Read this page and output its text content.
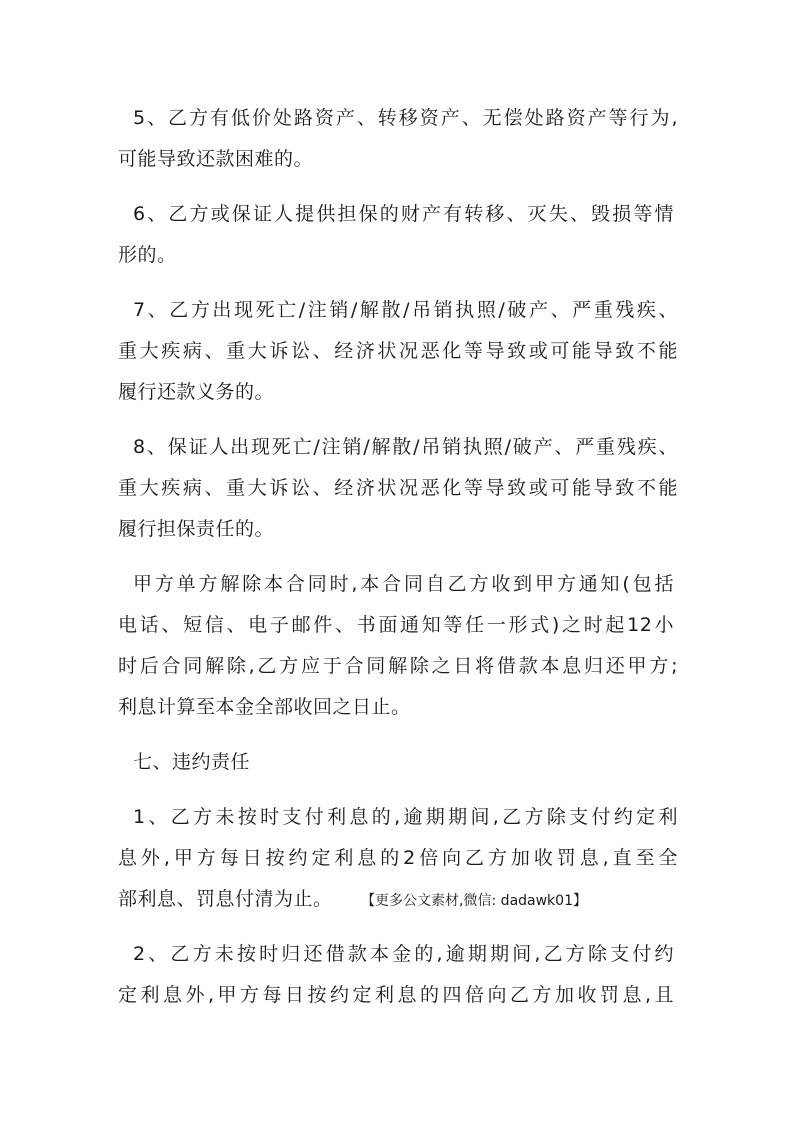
5、乙方有低价处路资产、转移资产、无偿处路资产等行为,
可能导致还款困难的。
6、乙方或保证人提供担保的财产有转移、灭失、毁损等情
形的。
7、乙方出现死亡/注销/解散/吊销执照/破产、严重残疾、
重大疾病、重大诉讼、经济状况恶化等导致或可能导致不能
履行还款义务的。
8、保证人出现死亡/注销/解散/吊销执照/破产、严重残疾、
重大疾病、重大诉讼、经济状况恶化等导致或可能导致不能
履行担保责任的。
甲方单方解除本合同时,本合同自乙方收到甲方通知(包括
电话、短信、电子邮件、书面通知等任一形式)之时起12小
时后合同解除,乙方应于合同解除之日将借款本息归还甲方;
利息计算至本金全部收回之日止。
七、违约责任
1、乙方未按时支付利息的,逾期期间,乙方除支付约定利
息外,甲方每日按约定利息的2倍向乙方加收罚息,直至全
部利息、罚息付清为止。 【更多公文素材,微信: dadawk01】
2、乙方未按时归还借款本金的,逾期期间,乙方除支付约
定利息外,甲方每日按约定利息的四倍向乙方加收罚息,且
